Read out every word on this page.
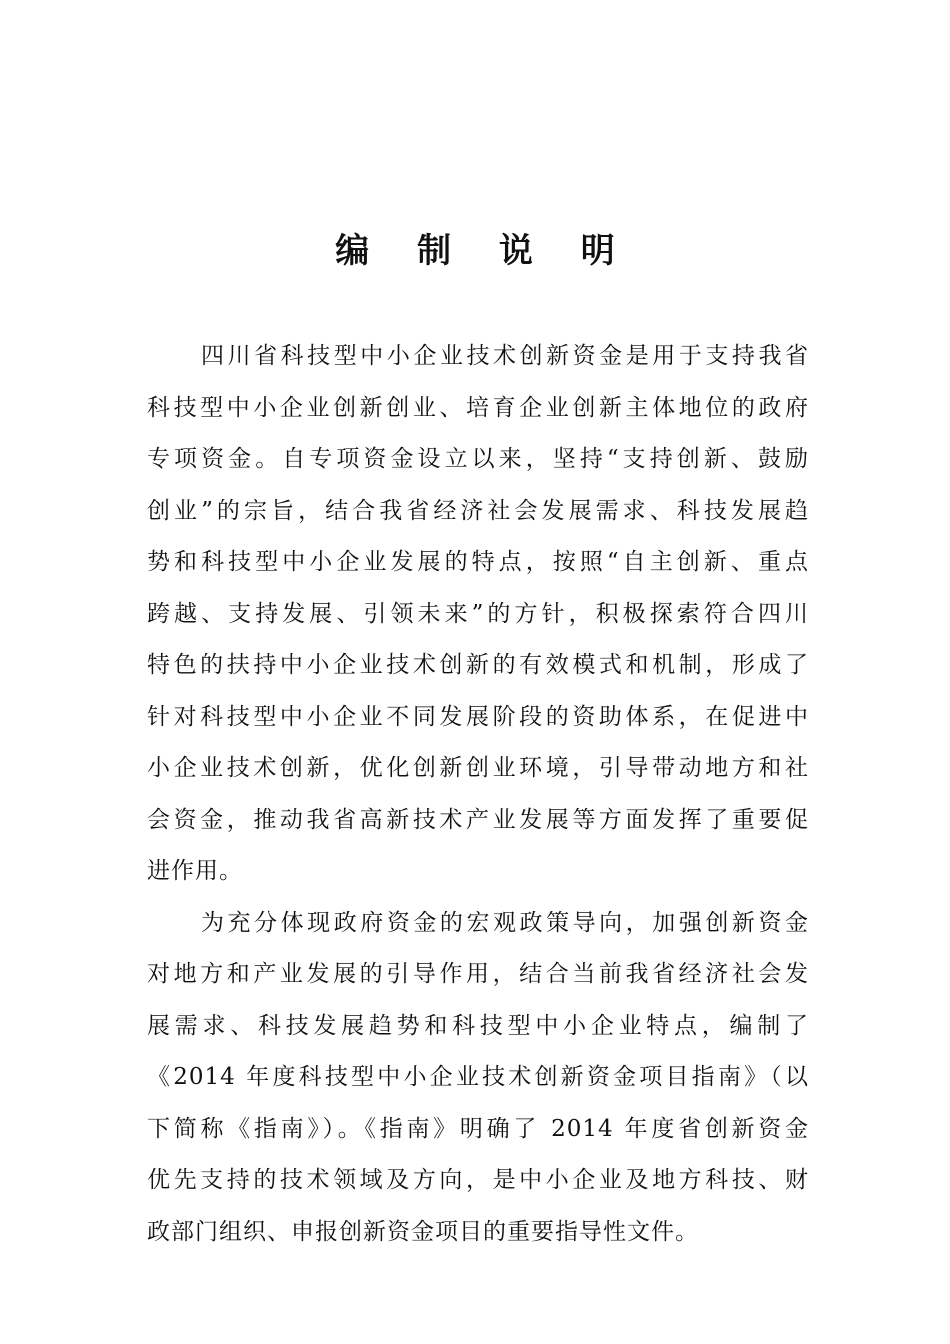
编 制 说 明
四川省科技型中小企业技术创新资金是用于支持我省
科技型中小企业创新创业、培育企业创新主体地位的政府
专项资金。自专项资金设立以来，坚持“支持创新、鼓励
创业”的宗旨，结合我省经济社会发展需求、科技发展趋
势和科技型中小企业发展的特点，按照“自主创新、重点
跨越、支持发展、引领未来”的方针，积极探索符合四川
特色的扶持中小企业技术创新的有效模式和机制，形成了
针对科技型中小企业不同发展阶段的资助体系，在促进中
小企业技术创新，优化创新创业环境，引导带动地方和社
会资金，推动我省高新技术产业发展等方面发挥了重要促
进作用。
为充分体现政府资金的宏观政策导向，加强创新资金
对地方和产业发展的引导作用，结合当前我省经济社会发
展需求、科技发展趋势和科技型中小企业特点，编制了
《2014 年度科技型中小企业技术创新资金项目指南》（以
下简称《指南》）。《指南》明确了 2014 年度省创新资金
优先支持的技术领域及方向，是中小企业及地方科技、财
政部门组织、申报创新资金项目的重要指导性文件。
